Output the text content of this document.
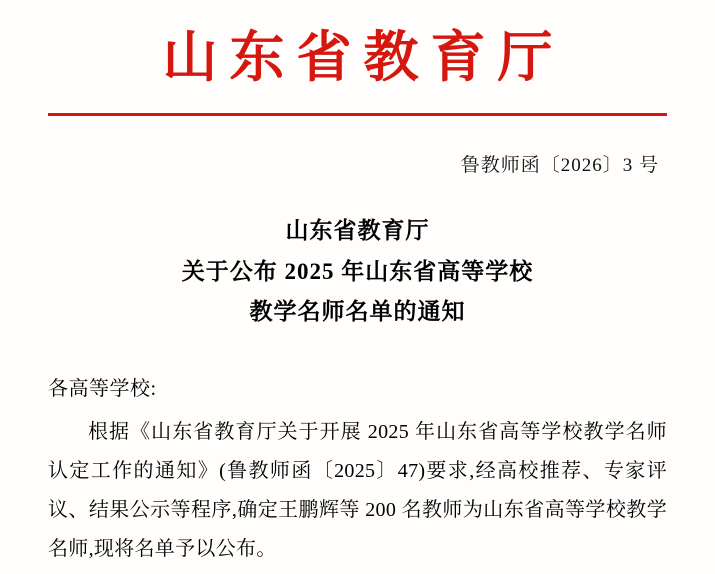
山东省教育厅
鲁教师函〔2026〕3 号
山东省教育厅
关于公布 2025 年山东省高等学校
教学名师名单的通知
各高等学校:
根据《山东省教育厅关于开展 2025 年山东省高等学校教学名师认定工作的通知》(鲁教师函〔2025〕47)要求,经高校推荐、专家评议、结果公示等程序,确定王鹏辉等 200 名教师为山东省高等学校教学名师,现将名单予以公布。
